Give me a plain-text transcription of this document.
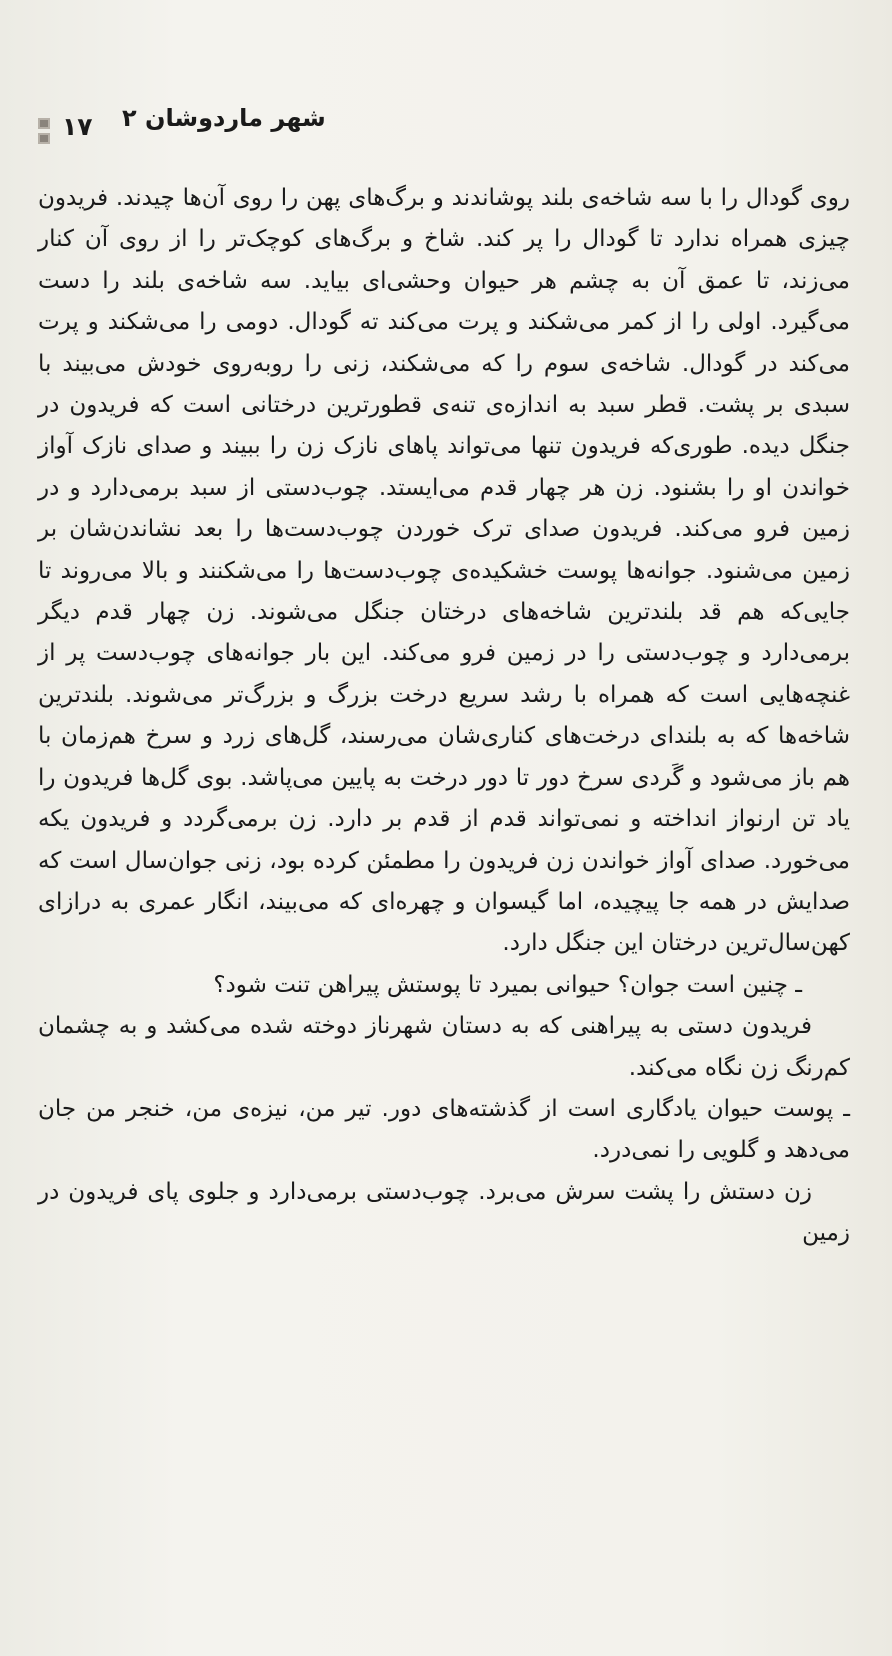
۱۷ شهر ماردوشان ۲

روی گودال را با سه شاخه‌ی بلند پوشاندند و برگ‌های پهن را روی آن‌ها چیدند. فریدون چیزی همراه ندارد تا گودال را پر کند. شاخ و برگ‌های کوچک‌تر را از روی آن کنار می‌زند، تا عمق آن به چشم هر حیوان وحشی‌ای بیاید. سه شاخه‌ی بلند را دست می‌گیرد. اولی را از کمر می‌شکند و پرت می‌کند ته گودال. دومی را می‌شکند و پرت می‌کند در گودال. شاخه‌ی سوم را که می‌شکند، زنی را روبه‌روی خودش می‌بیند با سبدی بر پشت. قطر سبد به اندازه‌ی تنه‌ی قطورترین درختانی است که فریدون در جنگل دیده. طوری‌که فریدون تنها می‌تواند پاهای نازک زن را ببیند و صدای نازک آواز خواندن او را بشنود. زن هر چهار قدم می‌ایستد. چوب‌دستی از سبد برمی‌دارد و در زمین فرو می‌کند. فریدون صدای ترک خوردن چوب‌دست‌ها را بعد نشاندن‌شان بر زمین می‌شنود. جوانه‌ها پوست خشکیده‌ی چوب‌دست‌ها را می‌شکنند و بالا می‌روند تا جایی‌که هم قد بلندترین شاخه‌های درختان جنگل می‌شوند. زن چهار قدم دیگر برمی‌دارد و چوب‌دستی را در زمین فرو می‌کند. این بار جوانه‌های چوب‌دست پر از غنچه‌هایی است که همراه با رشد سریع درخت بزرگ و بزرگ‌تر می‌شوند. بلندترین شاخه‌ها که به بلندای درخت‌های کناری‌شان می‌رسند، گل‌های زرد و سرخ هم‌زمان با هم باز می‌شود و گَردی سرخ دور تا دور درخت به پایین می‌پاشد. بوی گل‌ها فریدون را یاد تن ارنواز انداخته و نمی‌تواند قدم از قدم بر دارد. زن برمی‌گردد و فریدون یکه می‌خورد. صدای آواز خواندن زن فریدون را مطمئن کرده بود، زنی جوان‌سال است که صدایش در همه جا پیچیده، اما گیسوان و چهره‌ای که می‌بیند، انگار عمری به درازای کهن‌سال‌ترین درختان این جنگل دارد.

ـ چنین است جوان؟ حیوانی بمیرد تا پوستش پیراهن تنت شود؟

فریدون دستی به پیراهنی که به دستان شهرناز دوخته شده می‌کشد و به چشمان کم‌رنگ زن نگاه می‌کند.

ـ پوست حیوان یادگاری است از گذشته‌های دور. تیر من، نیزه‌ی من، خنجر من جان می‌دهد و گلویی را نمی‌درد.

زن دستش را پشت سرش می‌برد. چوب‌دستی برمی‌دارد و جلوی پای فریدون در زمین
